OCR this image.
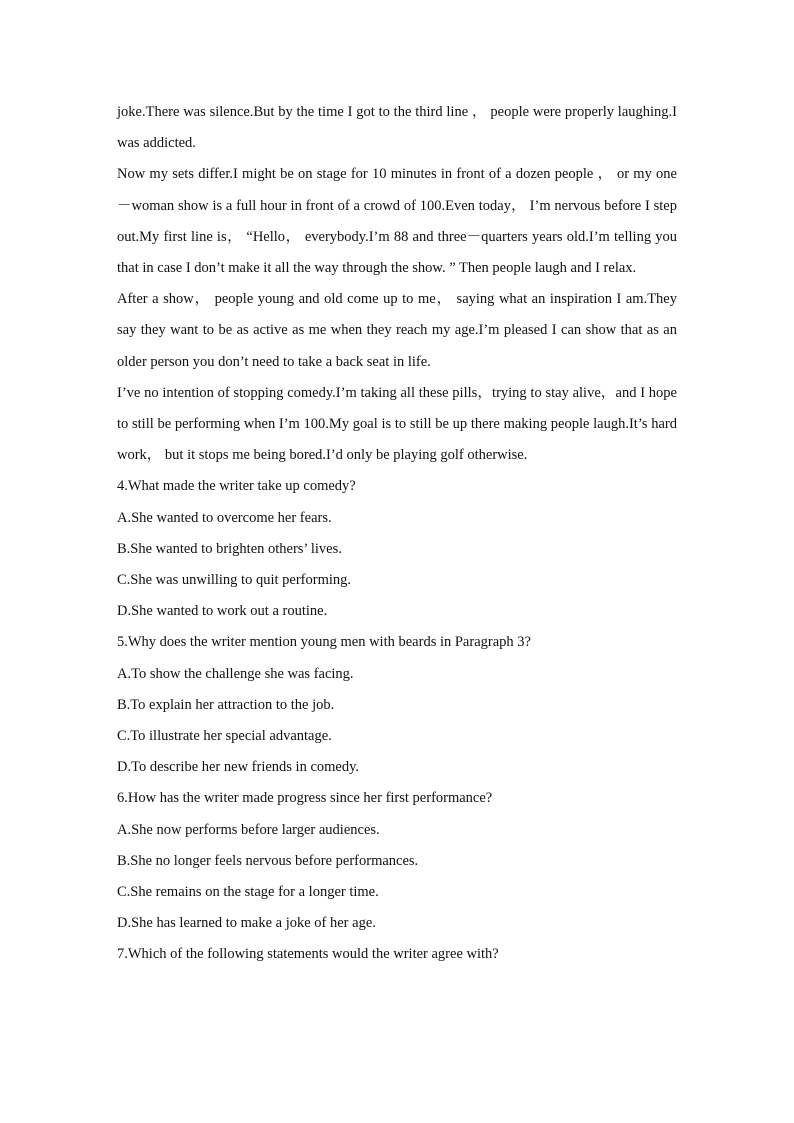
joke.There was silence.But by the time I got to the third line ， people were properly laughing.I was addicted.

Now my sets differ.I might be on stage for 10 minutes in front of a dozen people ， or my one－woman show is a full hour in front of a crowd of 100.Even today， I’m nervous before I step out.My first line is， “Hello， everybody.I’m 88 and three－quarters years old.I’m telling you that in case I don’t make it all the way through the show. ” Then people laugh and I relax.

After a show， people young and old come up to me， saying what an inspiration I am.They say they want to be as active as me when they reach my age.I’m pleased I can show that as an older person you don’t need to take a back seat in life.

I’ve no intention of stopping comedy.I’m taking all these pills，trying to stay alive，and I hope to still be performing when I’m 100.My goal is to still be up there making people laugh.It’s hard work， but it stops me being bored.I’d only be playing golf otherwise.

4.What made the writer take up comedy?

A.She wanted to overcome her fears.

B.She wanted to brighten others’ lives.

C.She was unwilling to quit performing.

D.She wanted to work out a routine.

5.Why does the writer mention young men with beards in Paragraph 3?

A.To show the challenge she was facing.

B.To explain her attraction to the job.

C.To illustrate her special advantage.

D.To describe her new friends in comedy.

6.How has the writer made progress since her first performance?

A.She now performs before larger audiences.

B.She no longer feels nervous before performances.

C.She remains on the stage for a longer time.

D.She has learned to make a joke of her age.

7.Which of the following statements would the writer agree with?
